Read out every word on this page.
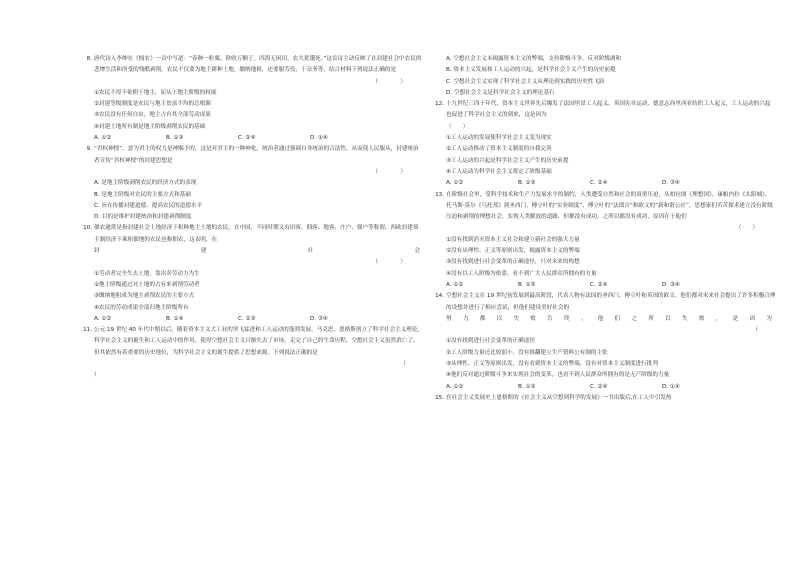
8. 唐代诗人李绅在《悯农》一诗中写道：“春种一粒粟，秋收万颗子。四海无闲田，农夫犹饿死。”这首诗主动反映了在封建社会中农民的悲惨生活和所受的残酷剥削。农民不仅要为地主耕种土地，缴纳地租，还要服劳役、干杂务等。结合材料下列说法正确的是
（　　　　）
①农民不得不依附于地主，屈从于地主阶级的权威
②封建等级制度是农民与地主贫富不均的总根源
③农民没有任何自由，地主占有其全部劳动成果
④封建土地所有制是地主阶级剥削农民的基础
A. ①②	B. ①③	C. ②④	D. ①④
9. “君权神授”，意为君主的权力是神赐予的，这是对君主的一种神化，统治者通过强调自身统治的合法性，从而使人民服从，封建统治者宣传“君权神授”的封建思想是
（　　　　）
A. 是地主阶级剥削农民的经济方式的表现
B. 是地主阶级对农民的主要方式和基础
C. 旨在传播封建道德、提高农民的道德水平
D. 目的是维护封建统治和封建剥削制度
10. 佃农通常是指封建社会土地经济下租种地主土地的农民，在中国，不同时期又有田客、佃客、地客、庄户、佃户等称谓，西欧封建领主制经济下乘租佃地的农民也称佃农，这表明，在
封	建	社	会
（　　　　）
①劳动者完全失去土地，靠出卖劳动力为生
②地主阶级通过对土地的占有来剥削劳动者
③缴纳地租成为地主剥削农民的主要方式
④农民的劳动成果全部归地主阶级所有
A. ①②	B. ①④	C. ②③	D. ③④
11. 公元 19 世纪 40 年代中期以后，随着资本主义大工业的突飞猛进和工人运动的蓬勃发展，马克思、恩格斯创立了科学社会主义理论，科学社会主义的诞生和工人运动中的作用，使得空想社会主义日渐失去了市场，走完了自己的生命历程，空想社会主义虽然消亡了，但其依然有着重要的历史地位，为科学社会主义的诞生提供了思想来源。下列说法正确的是
（
）
A. 空想社会主义未揭露资本主义的弊端，支持阶级斗争，反对阶级调和
B. 资本主义发展和工人运动的兴起，是科学社会主义产生的历史前提
C. 空想社会主义实现了科学社会主义从理论到实践的历史性飞跃
D. 空想社会主义是科学社会主义的理论基石
12. 十九世纪三四十年代，资本主义世界先后爆发了法国里昂工人起义、英国宪章运动、德意志西里西亚纺织工人起义，工人运动的兴起也促进了科学社会主义的到来，这是因为
（　　）
①工人运动的发展使科学社会主义变为现实
②工人运动推动了资本主义制度的自我完善
③工人运动的兴起是科学社会主义产生的历史前提
④工人运动为科学社会主义奠定了阶级基础
A. ①②	B. ①③	C. ②④	D. ③④
13. 在阶级社会里，受科学技术和生产力发展水平的制约，人类遭受自然和社会的双重压迫，从柏拉图《理想国》、康帕内拉《太阳城》、托马斯·莫尔《乌托邦》到圣西门、傅立叶的“实业制度”、傅立叶的“法郎吉”和欧文的“新和谐公社”，思想家们苦苦探求建立没有阶级压迫和剥削的理想社会，实现人类解放的道路，但都没有成功。之所以都没有成功，原因在于他们
（　　）
①没有找到消灭资本主义社会和建立新社会的强大力量
②没有从理性、正义等原则出发，揭露资本主义的弊端
③没有找到进行社会变革的正确途径，只对未来的构想
④没有以工人阶级为依靠，看不到广大人民群众所拥有的力量
A. ①②	B. ①③	C. ②④	D. ③④
14. 空想社会主义在 19 世纪初发展到最高阶段，代表人物有法国的圣西门、傅立叶和英国的欧文。他们都对未来社会提出了许多积极合理的设想并进行了相应尝试，但他们建设美好社会的
努 力 都 以 失 败 告 终 。 他 们 之 所 以 失 败 ， 是 因 为
（
①没有找到进行社会变革的正确途径
②工人阶级力量还比较弱小，没有推翻建立生产资料公有制的主张
③从理性、正义等原则出发，没有看到资本主义的弊端，没有对资本主义制度进行批判
④他们反对通过阶级斗争来实现社会的变革，也看不到人民群众所拥有的是无产阶级的力量
A. ①②	B. ①③	C. ②④	D. ①④
15. 在社会主义发展史上恩格斯的《社会主义从空想到科学的发展》一书出版后,在工人中引发热
